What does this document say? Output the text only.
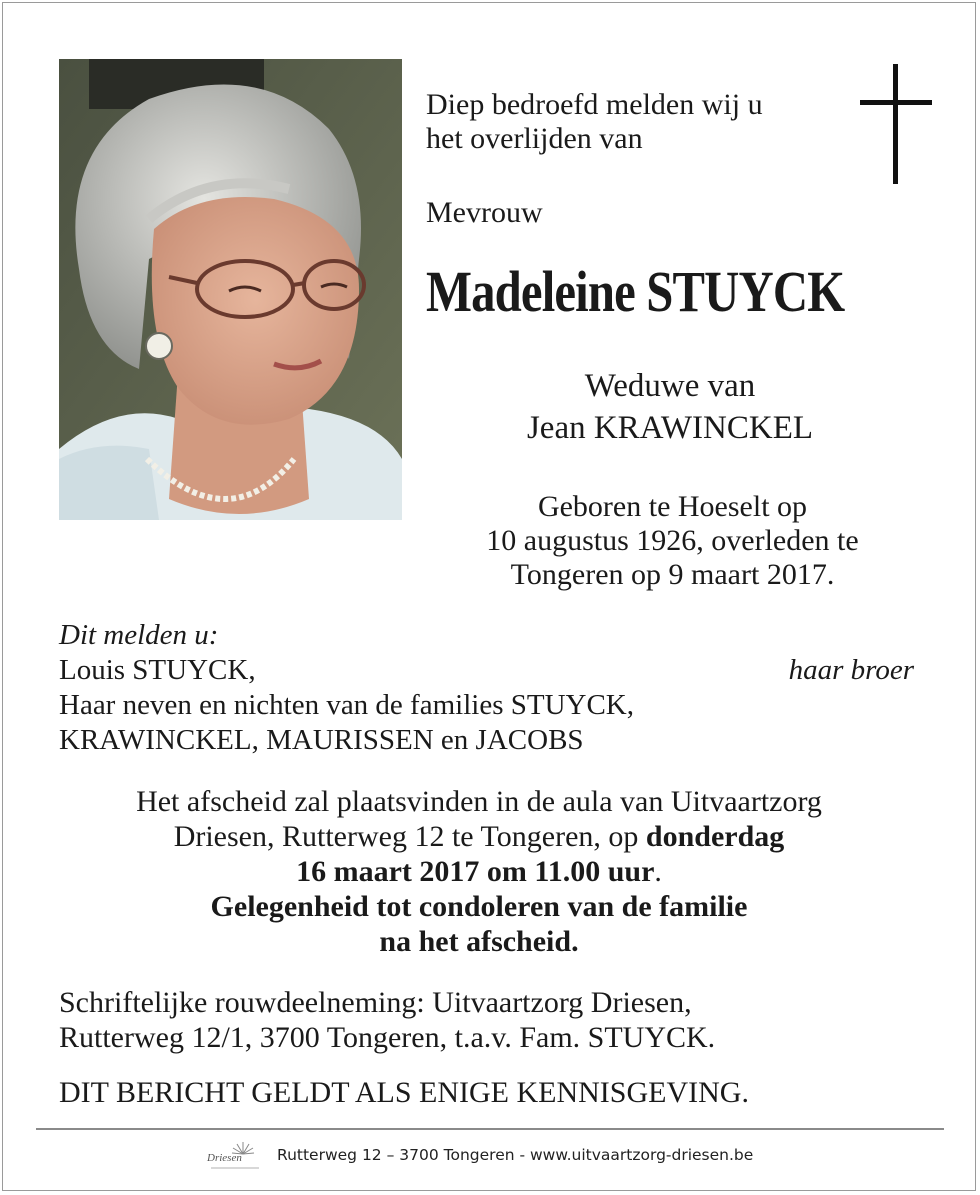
Diep bedroefd melden wij u
het overlijden van
Mevrouw
Madeleine STUYCK
Weduwe van
Jean KRAWINCKEL
Geboren te Hoeselt op
10 augustus 1926, overleden te
Tongeren op 9 maart 2017.
Dit melden u:
Louis STUYCK,	haar broer
Haar neven en nichten van de families STUYCK,
KRAWINCKEL, MAURISSEN en JACOBS
Het afscheid zal plaatsvinden in de aula van Uitvaartzorg
Driesen, Rutterweg 12 te Tongeren, op donderdag
16 maart 2017 om 11.00 uur.
Gelegenheid tot condoleren van de familie
na het afscheid.
Schriftelijke rouwdeelneming: Uitvaartzorg Driesen,
Rutterweg 12/1, 3700 Tongeren, t.a.v. Fam. STUYCK.
DIT BERICHT GELDT ALS ENIGE KENNISGEVING.
Driesen Rutterweg 12 – 3700 Tongeren - www.uitvaartzorg-driesen.be
